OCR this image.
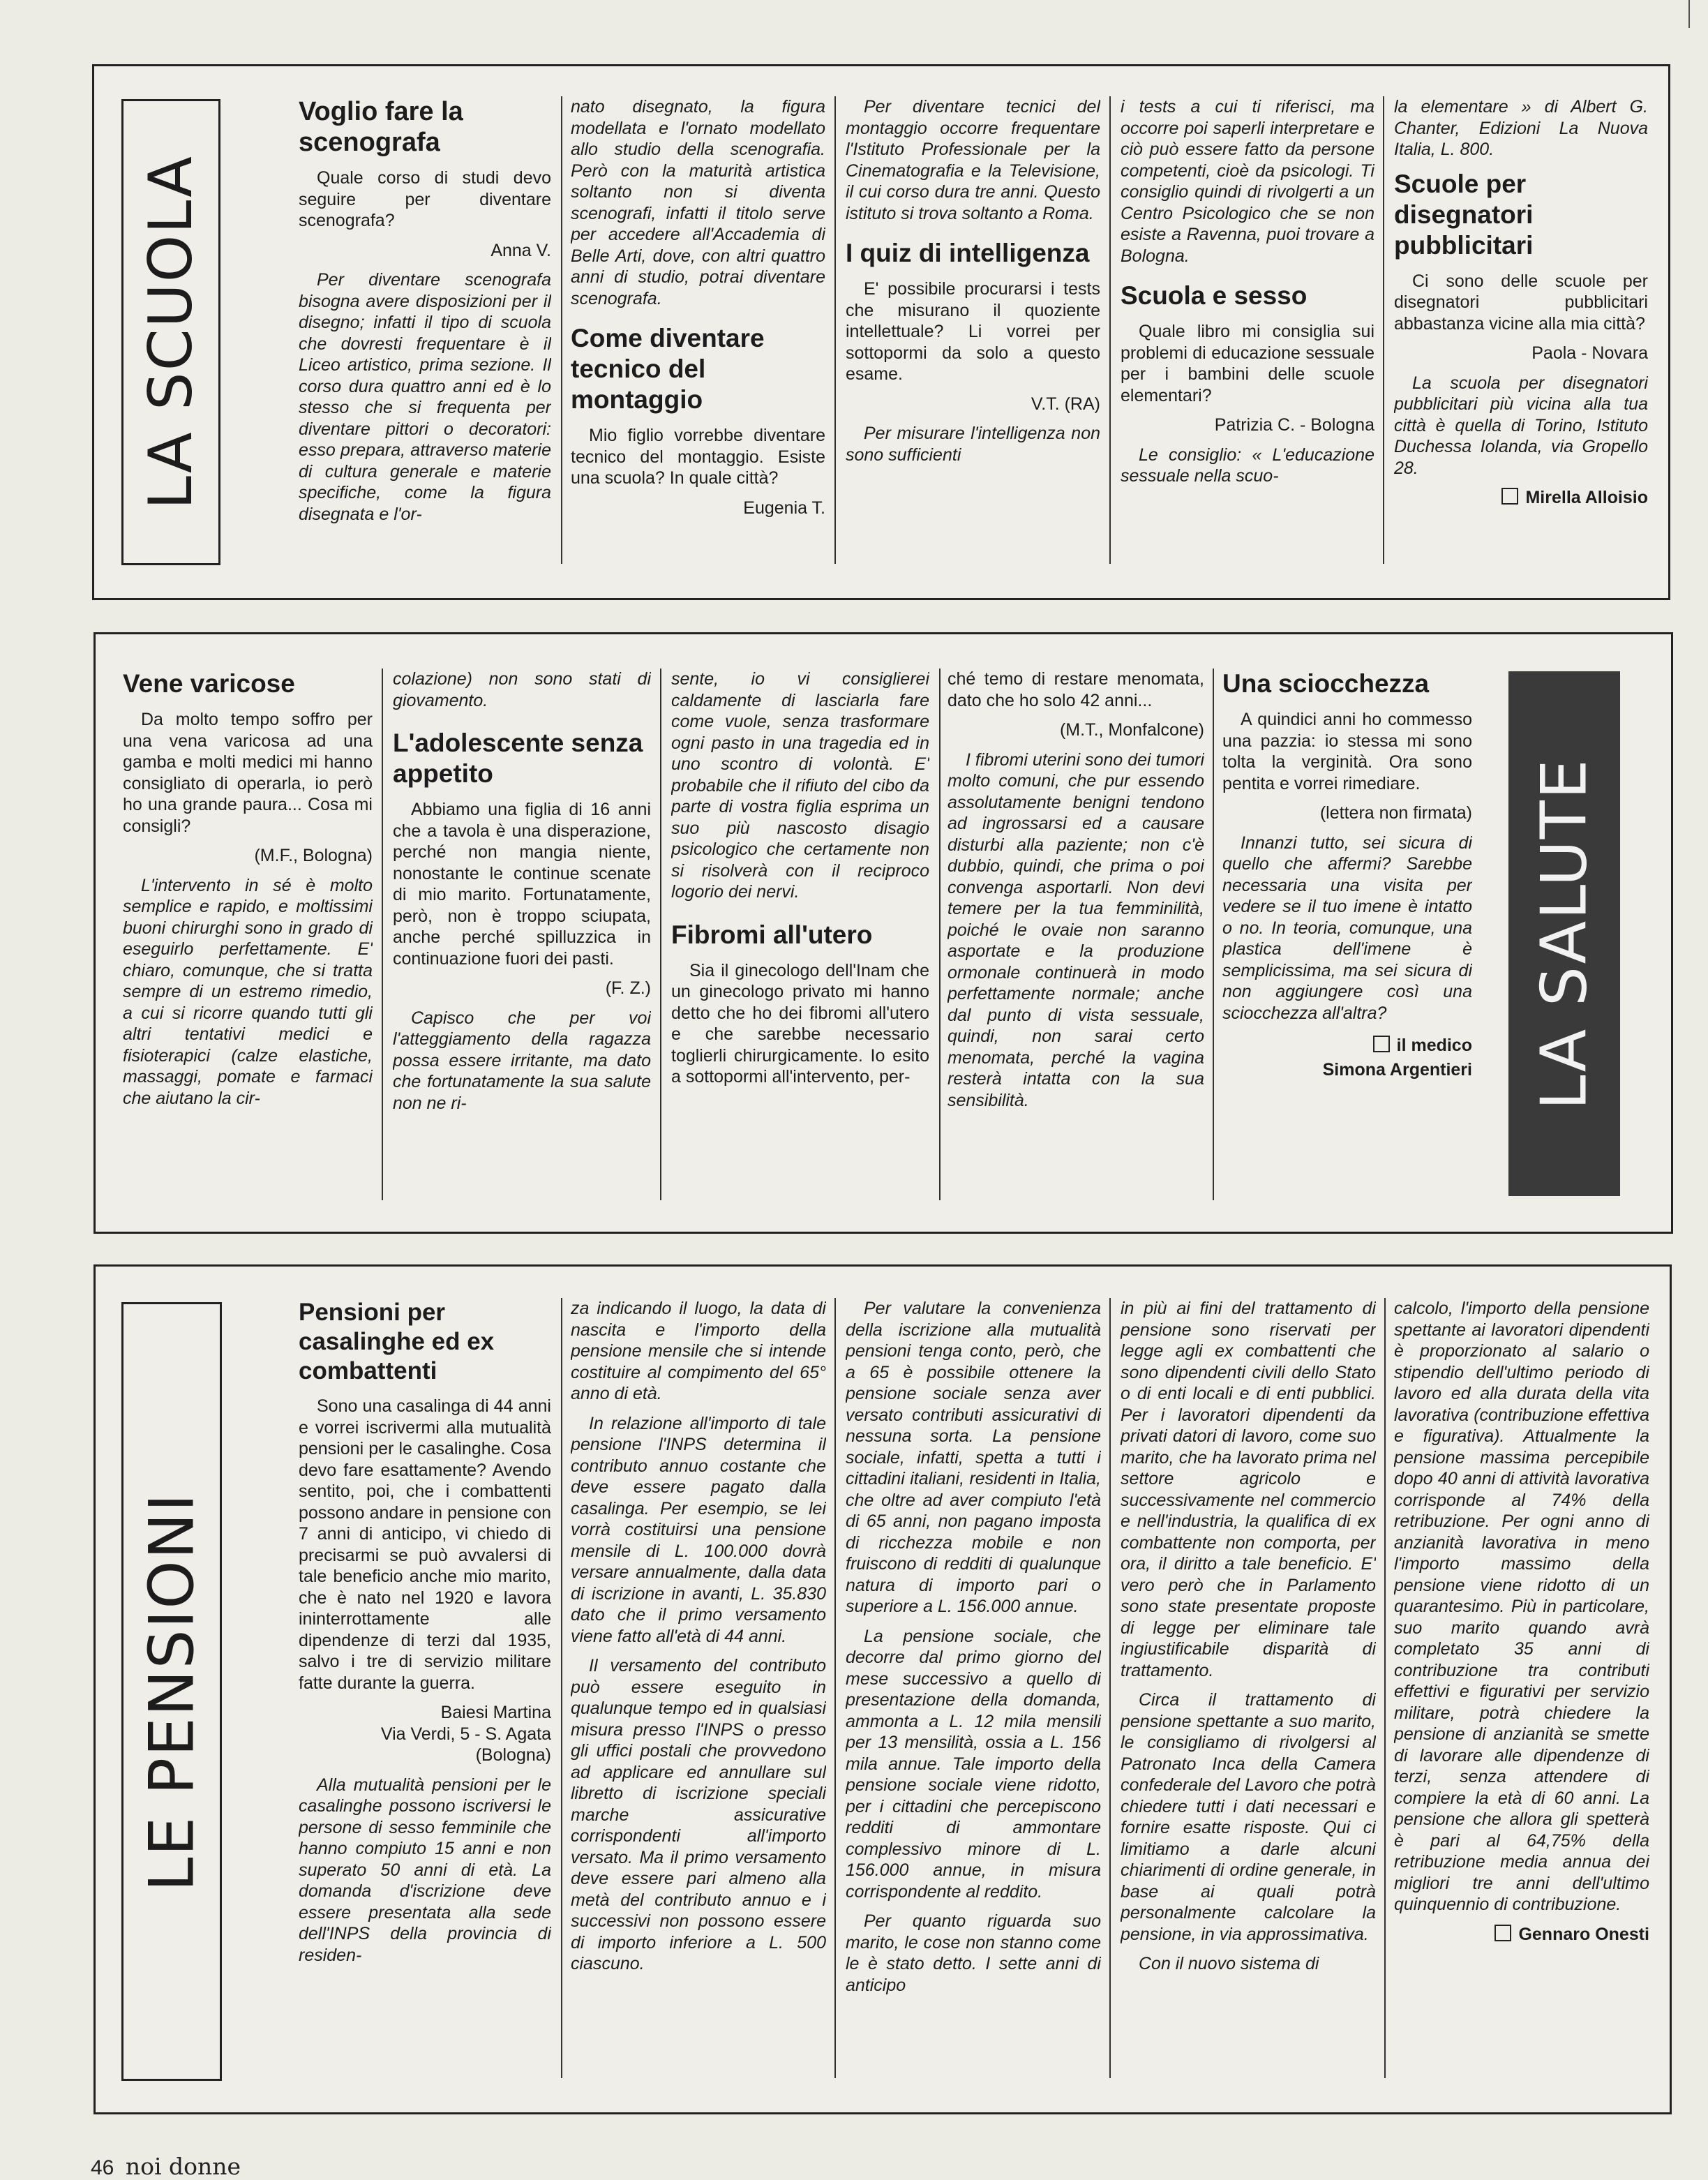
LA SCUOLA
Voglio fare la scenografa

Quale corso di studi devo seguire per diventare scenografa?

Anna V.

Per diventare scenografa bisogna avere disposizioni per il disegno; infatti il tipo di scuola che dovresti frequentare è il Liceo artistico, prima sezione. Il corso dura quattro anni ed è lo stesso che si frequenta per diventare pittori o decoratori: esso prepara, attraverso materie di cultura generale e materie specifiche, come la figura disegnata e l'or-

nato disegnato, la figura modellata e l'ornato modellato allo studio della scenografia. Però con la maturità artistica soltanto non si diventa scenografi, infatti il titolo serve per accedere all'Accademia di Belle Arti, dove, con altri quattro anni di studio, potrai diventare scenografa.

Come diventare tecnico del montaggio

Mio figlio vorrebbe diventare tecnico del montaggio. Esiste una scuola? In quale città?

Eugenia T.

Per diventare tecnici del montaggio occorre frequentare l'Istituto Professionale per la Cinematografia e la Televisione, il cui corso dura tre anni. Questo istituto si trova soltanto a Roma.

I quiz di intelligenza

E' possibile procurarsi i tests che misurano il quoziente intellettuale? Li vorrei per sottopormi da solo a questo esame.

V.T. (RA)

Per misurare l'intelligenza non sono sufficienti

i tests a cui ti riferisci, ma occorre poi saperli interpretare e ciò può essere fatto da persone competenti, cioè da psicologi. Ti consiglio quindi di rivolgerti a un Centro Psicologico che se non esiste a Ravenna, puoi trovare a Bologna.

Scuola e sesso

Quale libro mi consiglia sui problemi di educazione sessuale per i bambini delle scuole elementari?

Patrizia C. - Bologna

Le consiglio: « L'educazione sessuale nella scuo-

la elementare » di Albert G. Chanter, Edizioni La Nuova Italia, L. 800.

Scuole per disegnatori pubblicitari

Ci sono delle scuole per disegnatori pubblicitari abbastanza vicine alla mia città?

Paola - Novara

La scuola per disegnatori pubblicitari più vicina alla tua città è quella di Torino, Istituto Duchessa Iolanda, via Gropello 28.

Mirella Alloisio

LA SALUTE
Vene varicose

Da molto tempo soffro per una vena varicosa ad una gamba e molti medici mi hanno consigliato di operarla, io però ho una grande paura... Cosa mi consigli?

(M.F., Bologna)

L'intervento in sé è molto semplice e rapido, e moltissimi buoni chirurghi sono in grado di eseguirlo perfettamente. E' chiaro, comunque, che si tratta sempre di un estremo rimedio, a cui si ricorre quando tutti gli altri tentativi medici e fisioterapici (calze elastiche, massaggi, pomate e farmaci che aiutano la cir-

colazione) non sono stati di giovamento.

L'adolescente senza appetito

Abbiamo una figlia di 16 anni che a tavola è una disperazione, perché non mangia niente, nonostante le continue scenate di mio marito. Fortunatamente, però, non è troppo sciupata, anche perché spilluzzica in continuazione fuori dei pasti.

(F. Z.)

Capisco che per voi l'atteggiamento della ragazza possa essere irritante, ma dato che fortunatamente la sua salute non ne ri-

sente, io vi consiglierei caldamente di lasciarla fare come vuole, senza trasformare ogni pasto in una tragedia ed in uno scontro di volontà. E' probabile che il rifiuto del cibo da parte di vostra figlia esprima un suo più nascosto disagio psicologico che certamente non si risolverà con il reciproco logorio dei nervi.

Fibromi all'utero

Sia il ginecologo dell'Inam che un ginecologo privato mi hanno detto che ho dei fibromi all'utero e che sarebbe necessario toglierli chirurgicamente. Io esito a sottopormi all'intervento, per-

ché temo di restare menomata, dato che ho solo 42 anni...

(M.T., Monfalcone)

I fibromi uterini sono dei tumori molto comuni, che pur essendo assolutamente benigni tendono ad ingrossarsi ed a causare disturbi alla paziente; non c'è dubbio, quindi, che prima o poi convenga asportarli. Non devi temere per la tua femminilità, poiché le ovaie non saranno asportate e la produzione ormonale continuerà in modo perfettamente normale; anche dal punto di vista sessuale, quindi, non sarai certo menomata, perché la vagina resterà intatta con la sua sensibilità.

Una sciocchezza

A quindici anni ho commesso una pazzia: io stessa mi sono tolta la verginità. Ora sono pentita e vorrei rimediare.

(lettera non firmata)

Innanzi tutto, sei sicura di quello che affermi? Sarebbe necessaria una visita per vedere se il tuo imene è intatto o no. In teoria, comunque, una plastica dell'imene è semplicissima, ma sei sicura di non aggiungere così una sciocchezza all'altra?

il medico

Simona Argentieri

LE PENSIONI
Pensioni per casalinghe ed ex combattenti

Sono una casalinga di 44 anni e vorrei iscrivermi alla mutualità pensioni per le casalinghe. Cosa devo fare esattamente? Avendo sentito, poi, che i combattenti possono andare in pensione con 7 anni di anticipo, vi chiedo di precisarmi se può avvalersi di tale beneficio anche mio marito, che è nato nel 1920 e lavora ininterrottamente alle dipendenze di terzi dal 1935, salvo i tre di servizio militare fatte durante la guerra.

Baiesi Martina

Via Verdi, 5 - S. Agata

(Bologna)

Alla mutualità pensioni per le casalinghe possono iscriversi le persone di sesso femminile che hanno compiuto 15 anni e non superato 50 anni di età. La domanda d'iscrizione deve essere presentata alla sede dell'INPS della provincia di residen-

za indicando il luogo, la data di nascita e l'importo della pensione mensile che si intende costituire al compimento del 65° anno di età.

In relazione all'importo di tale pensione l'INPS determina il contributo annuo costante che deve essere pagato dalla casalinga. Per esempio, se lei vorrà costituirsi una pensione mensile di L. 100.000 dovrà versare annualmente, dalla data di iscrizione in avanti, L. 35.830 dato che il primo versamento viene fatto all'età di 44 anni.

Il versamento del contributo può essere eseguito in qualunque tempo ed in qualsiasi misura presso l'INPS o presso gli uffici postali che provvedono ad applicare ed annullare sul libretto di iscrizione speciali marche assicurative corrispondenti all'importo versato. Ma il primo versamento deve essere pari almeno alla metà del contributo annuo e i successivi non possono essere di importo inferiore a L. 500 ciascuno.

Per valutare la convenienza della iscrizione alla mutualità pensioni tenga conto, però, che a 65 è possibile ottenere la pensione sociale senza aver versato contributi assicurativi di nessuna sorta. La pensione sociale, infatti, spetta a tutti i cittadini italiani, residenti in Italia, che oltre ad aver compiuto l'età di 65 anni, non pagano imposta di ricchezza mobile e non fruiscono di redditi di qualunque natura di importo pari o superiore a L. 156.000 annue.

La pensione sociale, che decorre dal primo giorno del mese successivo a quello di presentazione della domanda, ammonta a L. 12 mila mensili per 13 mensilità, ossia a L. 156 mila annue. Tale importo della pensione sociale viene ridotto, per i cittadini che percepiscono redditi di ammontare complessivo minore di L. 156.000 annue, in misura corrispondente al reddito.

Per quanto riguarda suo marito, le cose non stanno come le è stato detto. I sette anni di anticipo

in più ai fini del trattamento di pensione sono riservati per legge agli ex combattenti che sono dipendenti civili dello Stato o di enti locali e di enti pubblici. Per i lavoratori dipendenti da privati datori di lavoro, come suo marito, che ha lavorato prima nel settore agricolo e successivamente nel commercio e nell'industria, la qualifica di ex combattente non comporta, per ora, il diritto a tale beneficio. E' vero però che in Parlamento sono state presentate proposte di legge per eliminare tale ingiustificabile disparità di trattamento.

Circa il trattamento di pensione spettante a suo marito, le consigliamo di rivolgersi al Patronato Inca della Camera confederale del Lavoro che potrà chiedere tutti i dati necessari e fornire esatte risposte. Qui ci limitiamo a darle alcuni chiarimenti di ordine generale, in base ai quali potrà personalmente calcolare la pensione, in via approssimativa.

Con il nuovo sistema di

calcolo, l'importo della pensione spettante ai lavoratori dipendenti è proporzionato al salario o stipendio dell'ultimo periodo di lavoro ed alla durata della vita lavorativa (contribuzione effettiva e figurativa). Attualmente la pensione massima percepibile dopo 40 anni di attività lavorativa corrisponde al 74% della retribuzione. Per ogni anno di anzianità lavorativa in meno l'importo massimo della pensione viene ridotto di un quarantesimo. Più in particolare, suo marito quando avrà completato 35 anni di contribuzione tra contributi effettivi e figurativi per servizio militare, potrà chiedere la pensione di anzianità se smette di lavorare alle dipendenze di terzi, senza attendere di compiere la età di 60 anni. La pensione che allora gli spetterà è pari al 64,75% della retribuzione media annua dei migliori tre anni dell'ultimo quinquennio di contribuzione.

Gennaro Onesti

46 noi donne
